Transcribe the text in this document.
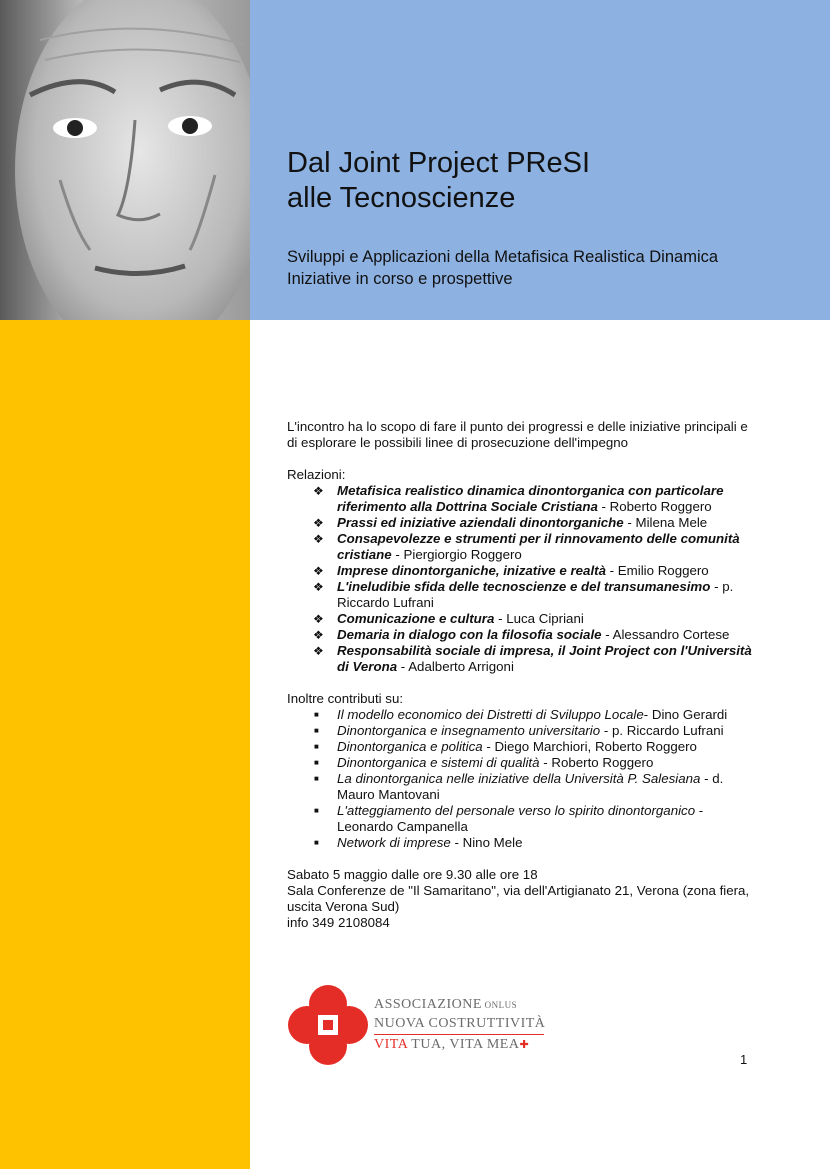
Dal Joint Project PReSI
alle Tecnoscienze
Sviluppi e Applicazioni della Metafisica Realistica Dinamica
Iniziative in corso e prospettive

L'incontro ha lo scopo di fare il punto dei progressi e delle iniziative principali e di esplorare le possibili linee di prosecuzione dell'impegno

Relazioni:

❖ Metafisica realistico dinamica dinontorganica con particolare riferimento alla Dottrina Sociale Cristiana - Roberto Roggero
❖ Prassi ed iniziative aziendali dinontorganiche - Milena Mele
❖ Consapevolezze e strumenti per il rinnovamento delle comunità cristiane - Piergiorgio Roggero
❖ Imprese dinontorganiche, inizative e realtà - Emilio Roggero
❖ L'ineludibie sfida delle tecnoscienze e del transumanesimo - p. Riccardo Lufrani
❖ Comunicazione e cultura - Luca Cipriani
❖ Demaria in dialogo con la filosofia sociale - Alessandro Cortese
❖ Responsabilità sociale di impresa, il Joint Project con l'Università di Verona - Adalberto Arrigoni

Inoltre contributi su:

■ Il modello economico dei Distretti di Sviluppo Locale- Dino Gerardi
■ Dinontorganica e insegnamento universitario - p. Riccardo Lufrani
■ Dinontorganica e politica - Diego Marchiori, Roberto Roggero
■ Dinontorganica e sistemi di qualità - Roberto Roggero
■ La dinontorganica nelle iniziative della Università P. Salesiana - d. Mauro Mantovani
■ L'atteggiamento del personale verso lo spirito dinontorganico - Leonardo Campanella
■ Network di imprese - Nino Mele

Sabato 5 maggio dalle ore 9.30 alle ore 18

Sala Conferenze de "Il Samaritano", via dell'Artigianato 21, Verona (zona fiera, uscita Verona Sud)

info 349 2108084

ASSOCIAZIONE ONLUS
NUOVA COSTRUTTIVITÀ
VITA TUA, VITA MEA✚
1
